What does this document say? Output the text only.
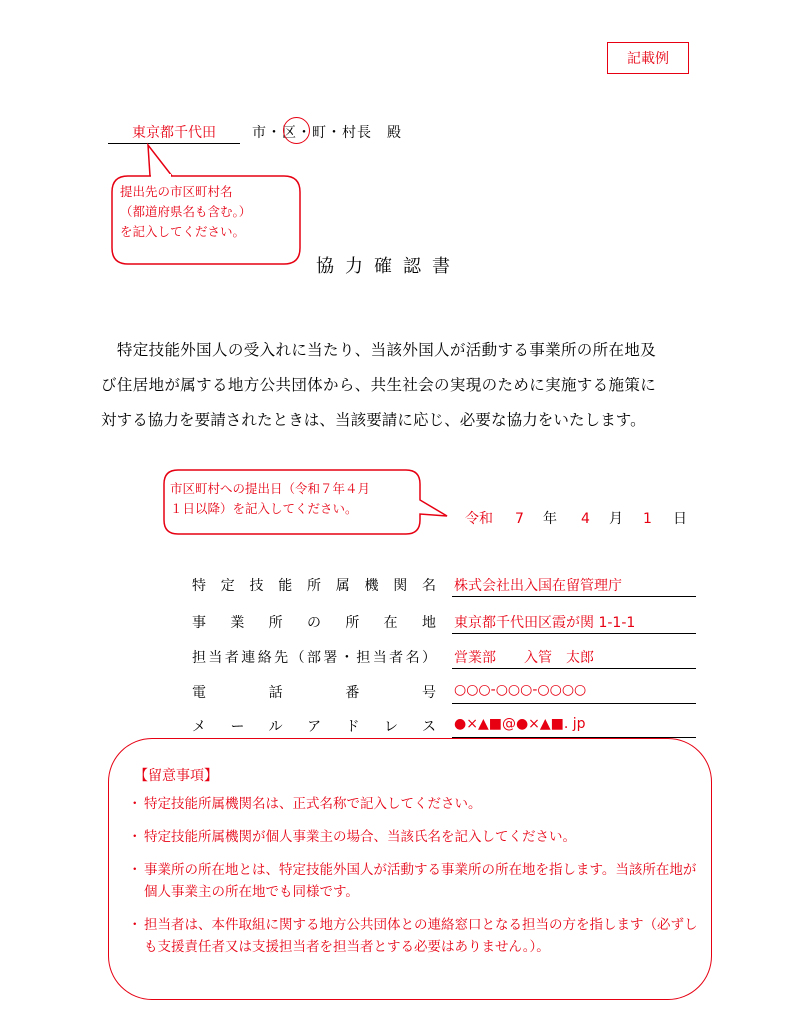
記載例
東京都千代田	市・区・町・村長　殿
提出先の市区町村名
（都道府県名も含む。）
を記入してください。
協力確認書
　特定技能外国人の受入れに当たり、当該外国人が活動する事業所の所在地及
び住居地が属する地方公共団体から、共生社会の実現のために実施する施策に
対する協力を要請されたときは、当該要請に応じ、必要な協力をいたします。
市区町村への提出日（令和７年４月
１日以降）を記入してください。
令和 7 年 4 月 1 日
特定技能所属機関名 株式会社出入国在留管理庁
事業所の所在地 東京都千代田区霞が関 1-1-1
担当者連絡先（部署・担当者名） 営業部　　入管　太郎
電話番号 ○○○-○○○-○○○○
メールアドレス ●×▲■@●×▲■. jp
【留意事項】
・ 特定技能所属機関名は、正式名称で記入してください。
・ 特定技能所属機関が個人事業主の場合、当該氏名を記入してください。
・ 事業所の所在地とは、特定技能外国人が活動する事業所の所在地を指します。当該所在地が個人事業主の所在地でも同様です。
・ 担当者は、本件取組に関する地方公共団体との連絡窓口となる担当の方を指します（必ずしも支援責任者又は支援担当者を担当者とする必要はありません。）。
